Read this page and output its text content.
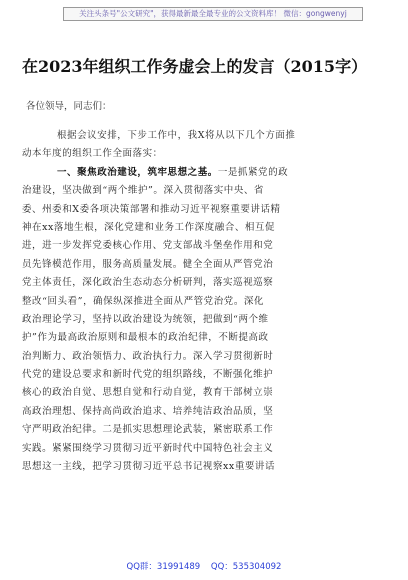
关注头条号"公文研究"，获得最新最全最专业的公文资料库！ 微信：gongwenyj
在2023年组织工作务虚会上的发言（2015字）
各位领导，同志们：
根据会议安排，下步工作中，我X将从以下几个方面推
动本年度的组织工作全面落实：
一、聚焦政治建设，筑牢思想之基。一是抓紧党的政
治建设，坚决做到“两个维护”。深入贯彻落实中央、省
委、州委和X委各项决策部署和推动习近平视察重要讲话精
神在xx落地生根，深化党建和业务工作深度融合、相互促
进，进一步发挥党委核心作用、党支部战斗堡垒作用和党
员先锋模范作用，服务高质量发展。健全全面从严管党治
党主体责任，深化政治生态动态分析研判，落实巡视巡察
整改“回头看”，确保纵深推进全面从严管党治党。深化
政治理论学习，坚持以政治建设为统领，把做到“两个维
护”作为最高政治原则和最根本的政治纪律，不断提高政
治判断力、政治领悟力、政治执行力。深入学习贯彻新时
代党的建设总要求和新时代党的组织路线，不断强化维护
核心的政治自觉、思想自觉和行动自觉，教育干部树立崇
高政治理想、保持高尚政治追求、培养纯洁政治品质，坚
守严明政治纪律。二是抓实思想理论武装，紧密联系工作
实践。紧紧围绕学习贯彻习近平新时代中国特色社会主义
思想这一主线，把学习贯彻习近平总书记视察xx重要讲话
QQ群：31991489 QQ：535304092
